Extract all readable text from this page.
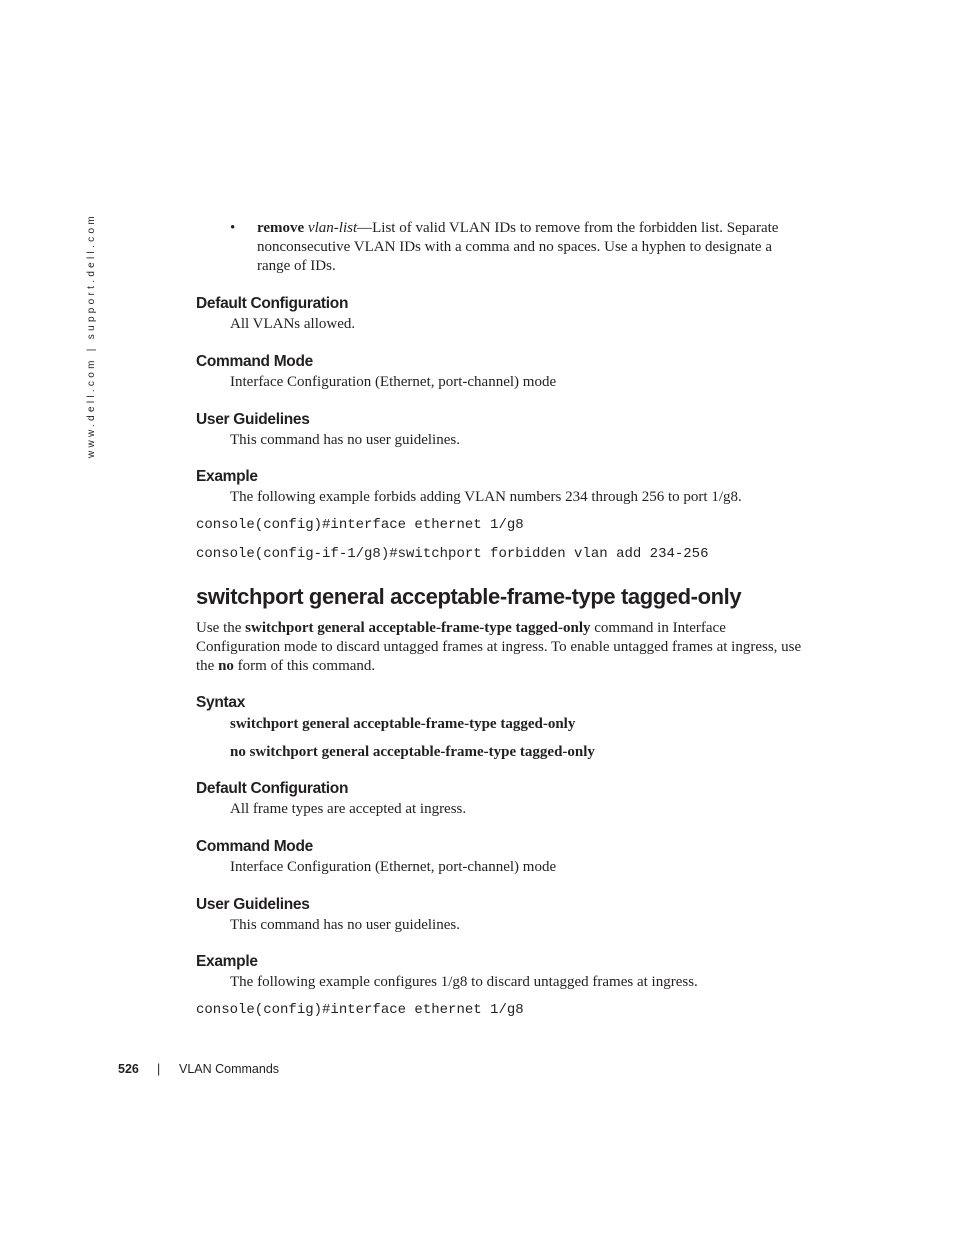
www.dell.com | support.dell.com	• remove vlan-list—List of valid VLAN IDs to remove from the forbidden list. Separate nonconsecutive VLAN IDs with a comma and no spaces. Use a hyphen to designate a range of IDs.
Default Configuration
All VLANs allowed.
Command Mode
Interface Configuration (Ethernet, port-channel) mode
User Guidelines
This command has no user guidelines.
Example
The following example forbids adding VLAN numbers 234 through 256 to port 1/g8.
console(config)#interface ethernet 1/g8
console(config-if-1/g8)#switchport forbidden vlan add 234-256
switchport general acceptable-frame-type tagged-only
Use the switchport general acceptable-frame-type tagged-only command in Interface Configuration mode to discard untagged frames at ingress. To enable untagged frames at ingress, use the no form of this command.
Syntax
switchport general acceptable-frame-type tagged-only
no switchport general acceptable-frame-type tagged-only
Default Configuration
All frame types are accepted at ingress.
Command Mode
Interface Configuration (Ethernet, port-channel) mode
User Guidelines
This command has no user guidelines.
Example
The following example configures 1/g8 to discard untagged frames at ingress.
console(config)#interface ethernet 1/g8
526 | VLAN Commands
